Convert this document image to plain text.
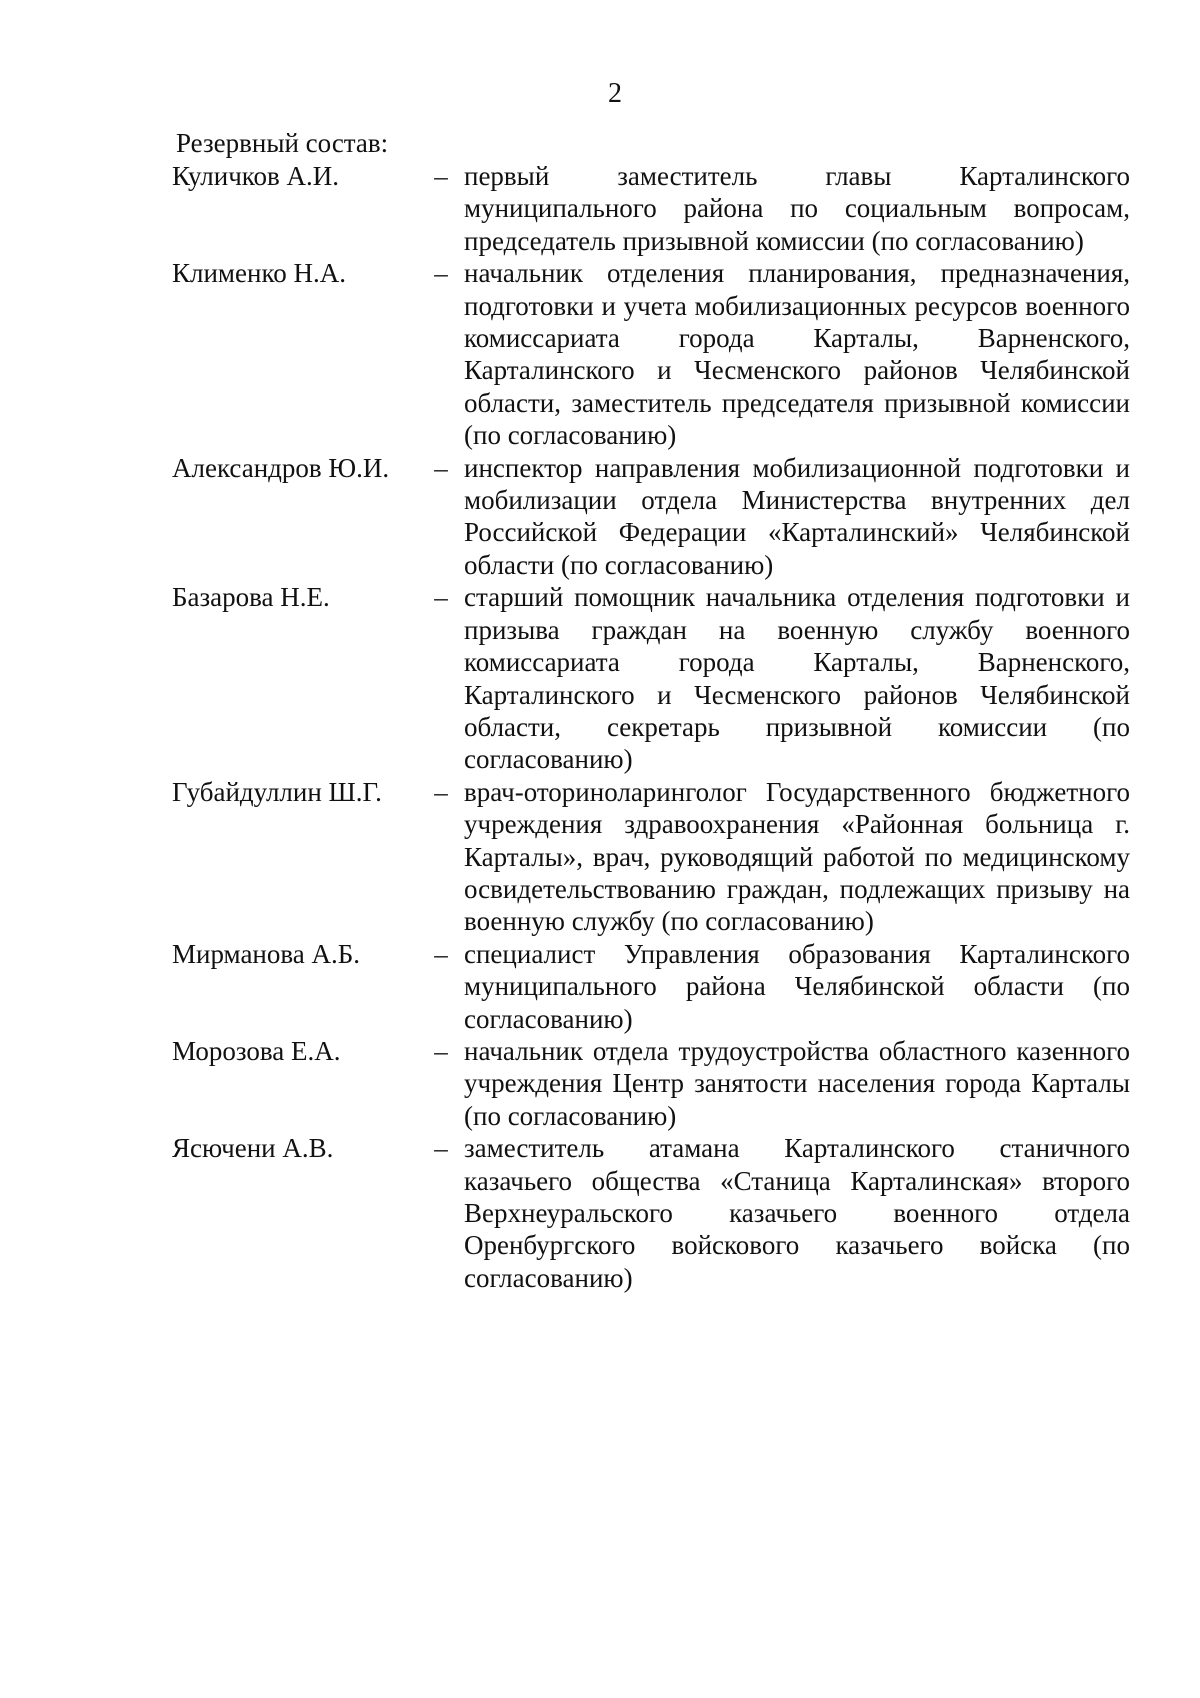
2
Резервный состав:
Куличков А.И.	– первый заместитель главы Карталинского муниципального района по социальным вопросам, председатель призывной комиссии (по согласованию)
Клименко Н.А.	– начальник отделения планирования, предназначения, подготовки и учета мобилизационных ресурсов военного комиссариата города Карталы, Варненского, Карталинского и Чесменского районов Челябинской области, заместитель председателя призывной комиссии (по согласованию)
Александров Ю.И.	– инспектор направления мобилизационной подготовки и мобилизации отдела Министерства внутренних дел Российской Федерации «Карталинский» Челябинской области (по согласованию)
Базарова Н.Е.	– старший помощник начальника отделения подготовки и призыва граждан на военную службу военного комиссариата города Карталы, Варненского, Карталинского и Чесменского районов Челябинской области, секретарь призывной комиссии (по согласованию)
Губайдуллин Ш.Г.	– врач-оториноларинголог Государственного бюджетного учреждения здравоохранения «Районная больница г. Карталы», врач, руководящий работой по медицинскому освидетельствованию граждан, подлежащих призыву на военную службу (по согласованию)
Мирманова А.Б.	– специалист Управления образования Карталинского муниципального района Челябинской области (по согласованию)
Морозова Е.А.	– начальник отдела трудоустройства областного казенного учреждения Центр занятости населения города Карталы (по согласованию)
Ясючени А.В.	– заместитель атамана Карталинского станичного казачьего общества «Станица Карталинская» второго Верхнеуральского казачьего военного отдела Оренбургского войскового казачьего войска (по согласованию)
